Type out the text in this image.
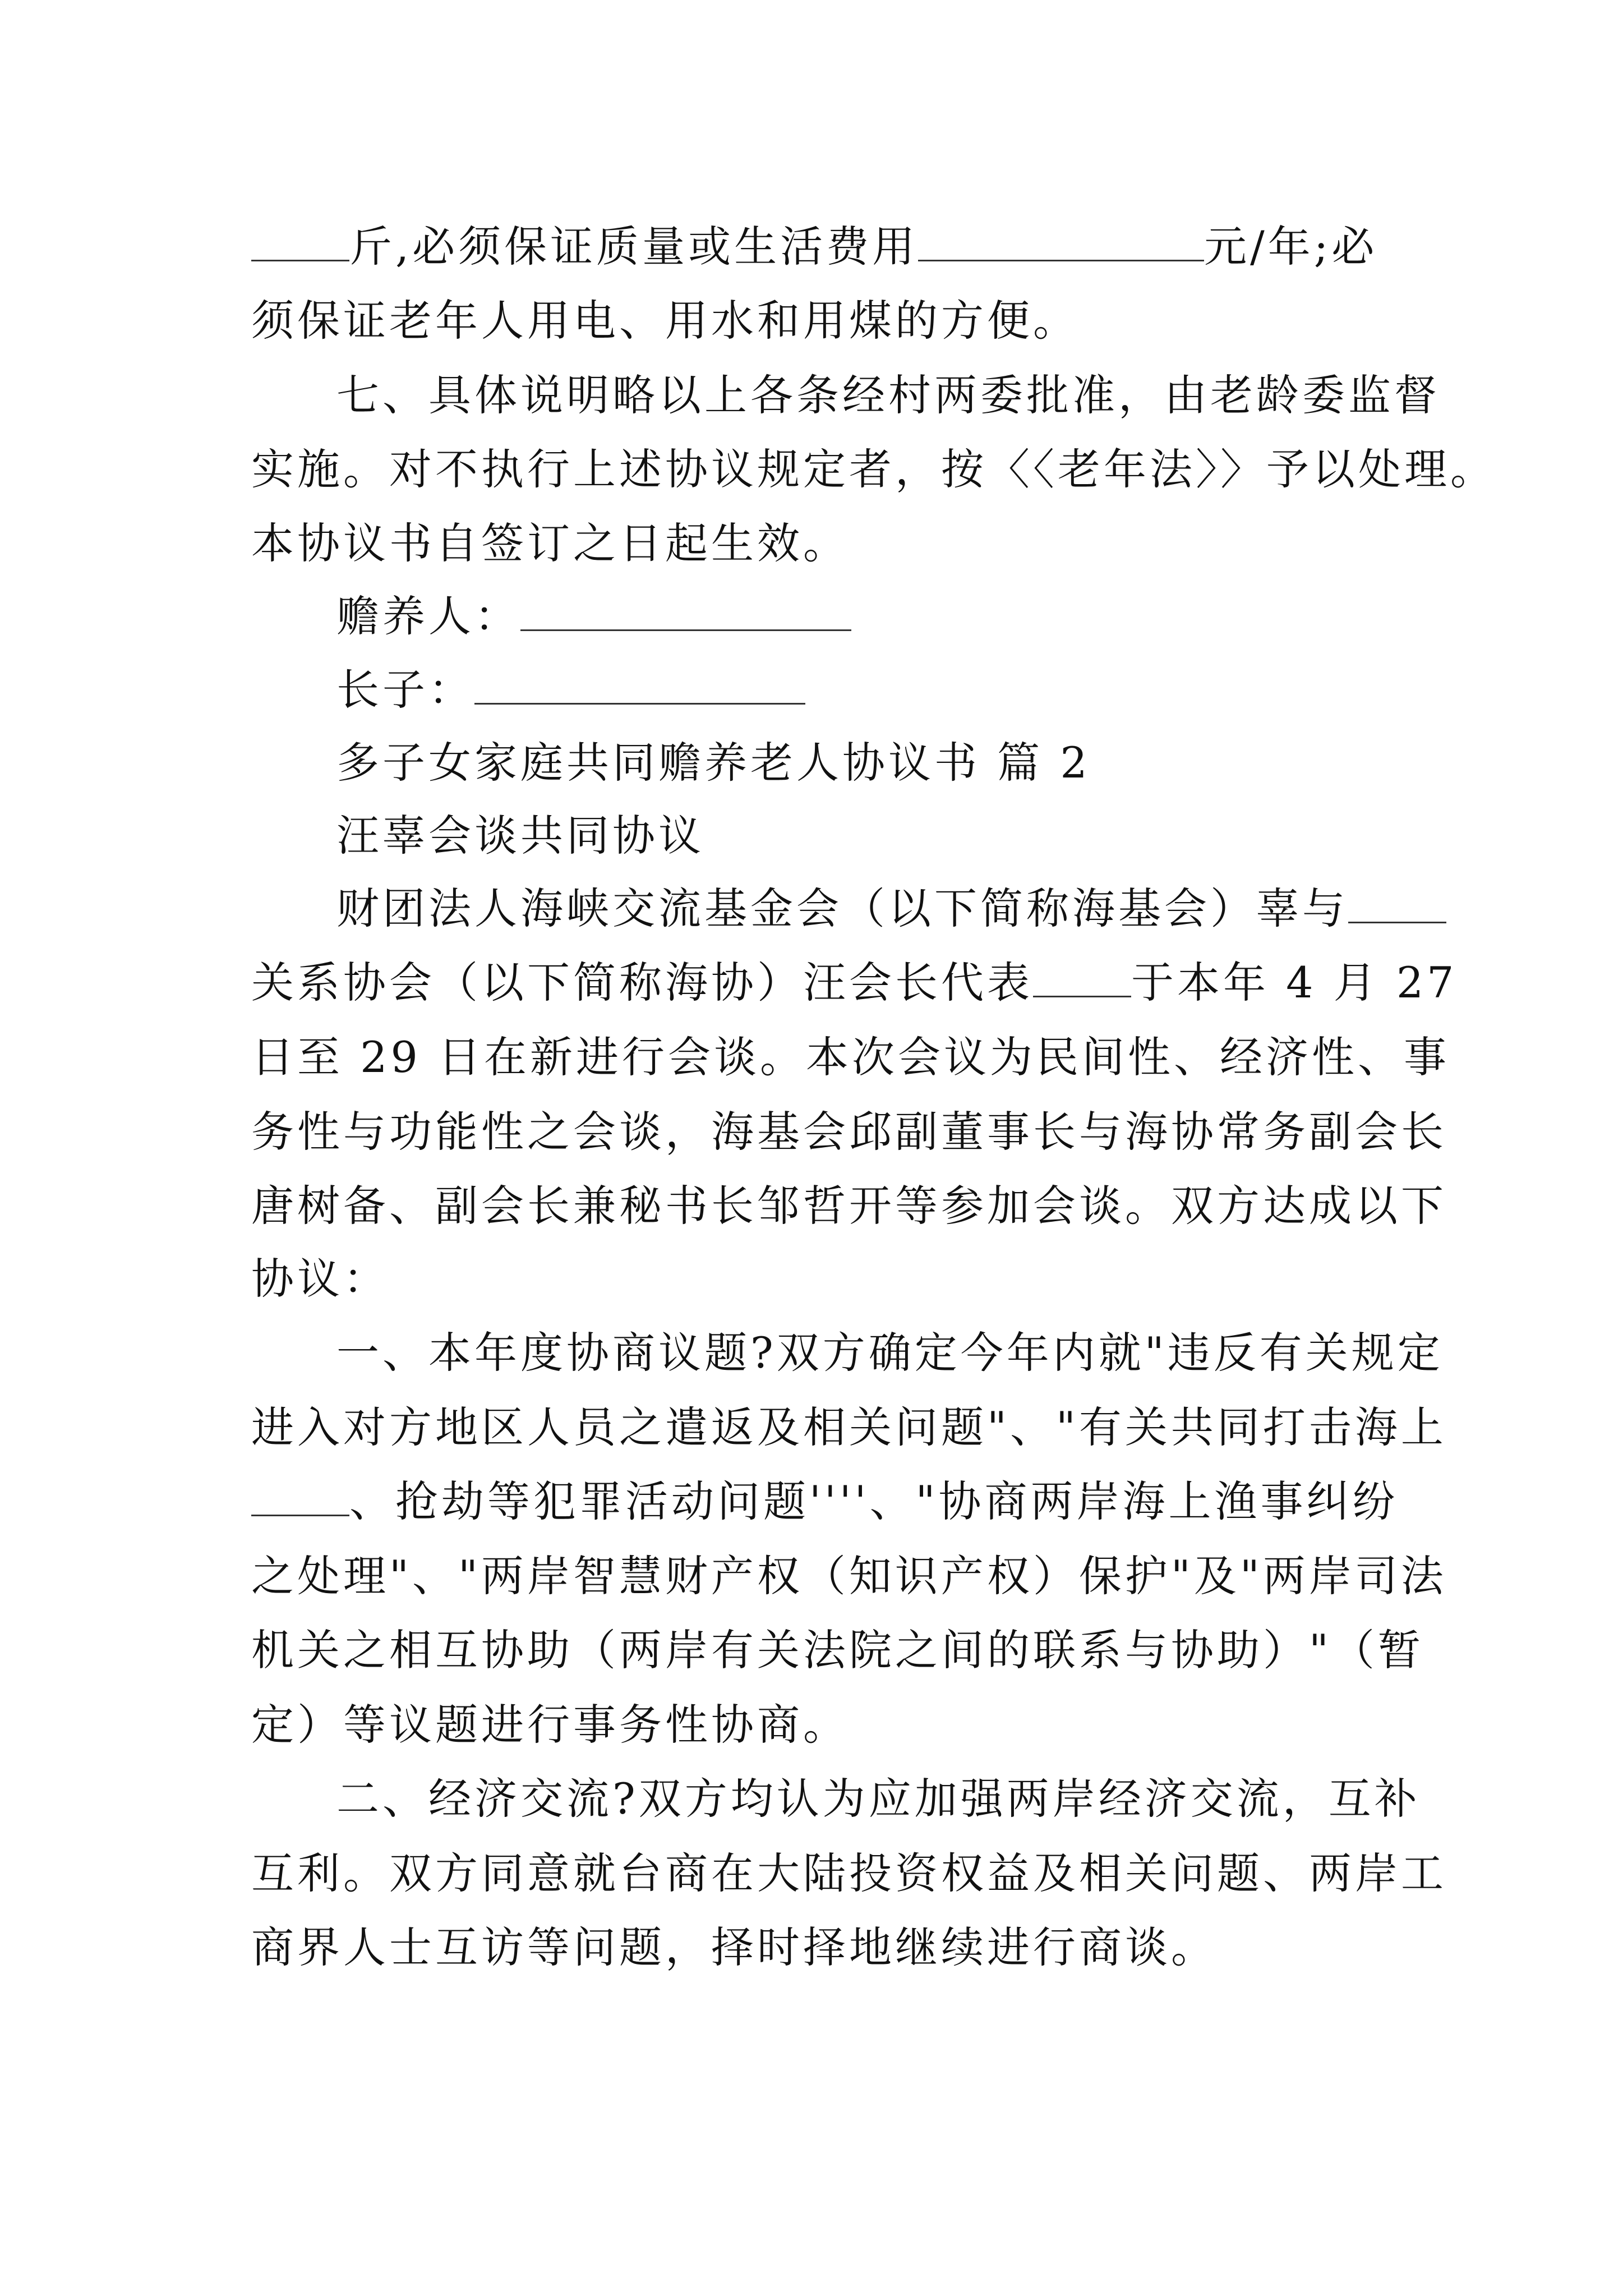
斤,必须保证质量或生活费用	元/年;必
须保证老年人用电、用水和用煤的方便。
七、具体说明略以上各条经村两委批准，由老龄委监督
实施。对不执行上述协议规定者，按〈〈老年法〉〉予以处理。
本协议书自签订之日起生效。
赡养人：
长子：
多子女家庭共同赡养老人协议书 篇 2
汪辜会谈共同协议
财团法人海峡交流基金会（以下简称海基会）辜与
关系协会（以下简称海协）汪会长代表 于本年 4 月 27
日至 29 日在新进行会谈。本次会议为民间性、经济性、事
务性与功能性之会谈，海基会邱副董事长与海协常务副会长
唐树备、副会长兼秘书长邹哲开等参加会谈。双方达成以下
协议：
一、本年度协商议题?双方确定今年内就"违反有关规定
进入对方地区人员之遣返及相关问题"、"有关共同打击海上
、抢劫等犯罪活动问题''''、"协商两岸海上渔事纠纷
之处理"、"两岸智慧财产权（知识产权）保护"及"两岸司法
机关之相互协助（两岸有关法院之间的联系与协助）"（暂
定）等议题进行事务性协商。
二、经济交流?双方均认为应加强两岸经济交流，互补
互利。双方同意就台商在大陆投资权益及相关问题、两岸工
商界人士互访等问题，择时择地继续进行商谈。
